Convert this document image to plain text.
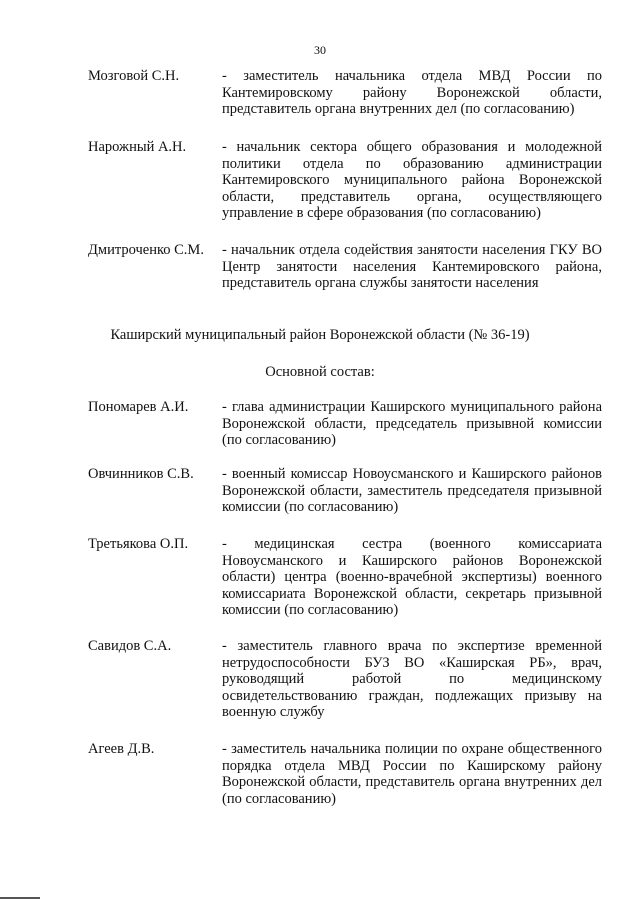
30
Мозговой С.Н.	- заместитель начальника отдела МВД России по Кантемировскому району Воронежской области, представитель органа внутренних дел (по согласованию)
Нарожный А.Н. - начальник сектора общего образования и молодежной политики отдела по образованию администрации Кантемировского муниципального района Воронежской области, представитель органа, осуществляющего управление в сфере образования (по согласованию)
Дмитроченко С.М. - начальник отдела содействия занятости населения ГКУ ВО Центр занятости населения Кантемировского района, представитель органа службы занятости населения
Каширский муниципальный район Воронежской области (№ 36-19)
Основной состав:
Пономарев А.И. - глава администрации Каширского муниципального района Воронежской области, председатель призывной комиссии (по согласованию)
Овчинников С.В. - военный комиссар Новоусманского и Каширского районов Воронежской области, заместитель председателя призывной комиссии (по согласованию)
Третьякова О.П. - медицинская сестра (военного комиссариата Новоусманского и Каширского районов Воронежской области) центра (военно-врачебной экспертизы) военного комиссариата Воронежской области, секретарь призывной комиссии (по согласованию)
Савидов С.А.	- заместитель главного врача по экспертизе временной нетрудоспособности БУЗ ВО «Каширская РБ», врач, руководящий работой по медицинскому освидетельствованию граждан, подлежащих призыву на военную службу
Агеев Д.В.	- заместитель начальника полиции по охране общественного порядка отдела МВД России по Каширскому району Воронежской области, представитель органа внутренних дел (по согласованию)
